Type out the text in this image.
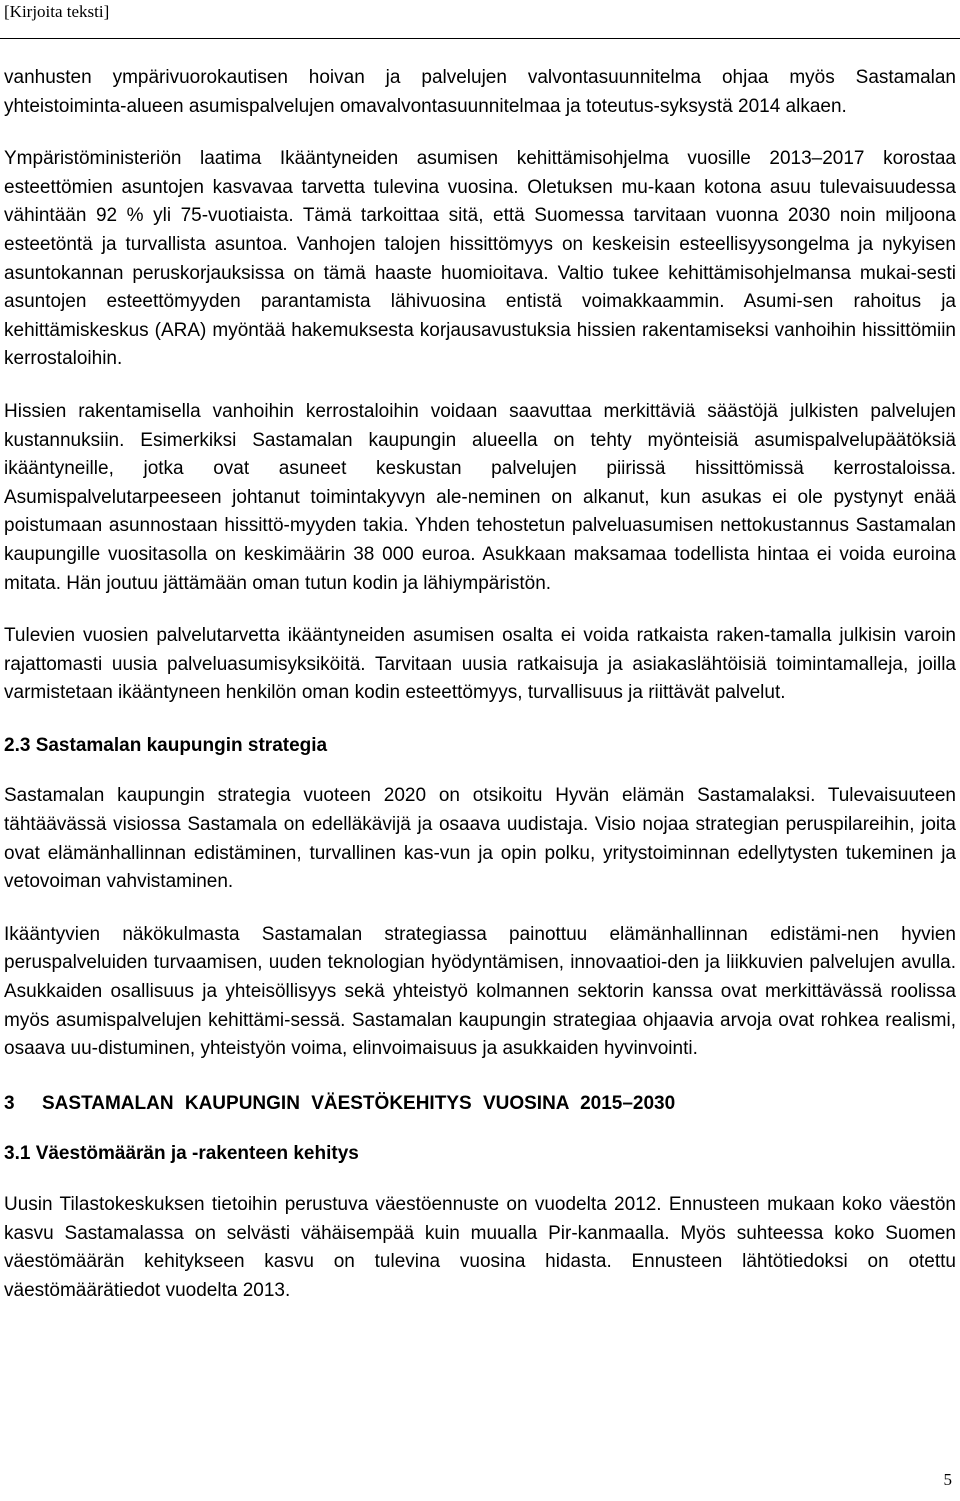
[Kirjoita teksti]

vanhusten ympärivuorokautisen hoivan ja palvelujen valvontasuunnitelma ohjaa myös Sastamalan yhteistoiminta-alueen asumispalvelujen omavalvontasuunnitelmaa ja toteutus-syksystä 2014 alkaen.

Ympäristöministeriön laatima Ikääntyneiden asumisen kehittämisohjelma vuosille 2013–2017 korostaa esteettömien asuntojen kasvavaa tarvetta tulevina vuosina. Oletuksen mu-kaan kotona asuu tulevaisuudessa vähintään 92 % yli 75-vuotiaista. Tämä tarkoittaa sitä, että Suomessa tarvitaan vuonna 2030 noin miljoona esteetöntä ja turvallista asuntoa. Vanhojen talojen hissittömyys on keskeisin esteellisyysongelma ja nykyisen asuntokannan peruskorjauksissa on tämä haaste huomioitava. Valtio tukee kehittämisohjelmansa mukai-sesti asuntojen esteettömyyden parantamista lähivuosina entistä voimakkaammin. Asumi-sen rahoitus ja kehittämiskeskus (ARA) myöntää hakemuksesta korjausavustuksia hissien rakentamiseksi vanhoihin hissittömiin kerrostaloihin.

Hissien rakentamisella vanhoihin kerrostaloihin voidaan saavuttaa merkittäviä säästöjä julkisten palvelujen kustannuksiin. Esimerkiksi Sastamalan kaupungin alueella on tehty myönteisiä asumispalvelupäätöksiä ikääntyneille, jotka ovat asuneet keskustan palvelujen piirissä hissittömissä kerrostaloissa. Asumispalvelutarpeeseen johtanut toimintakyvyn ale-neminen on alkanut, kun asukas ei ole pystynyt enää poistumaan asunnostaan hissittö-myyden takia. Yhden tehostetun palveluasumisen nettokustannus Sastamalan kaupungille vuositasolla on keskimäärin 38 000 euroa. Asukkaan maksamaa todellista hintaa ei voida euroina mitata. Hän joutuu jättämään oman tutun kodin ja lähiympäristön.

Tulevien vuosien palvelutarvetta ikääntyneiden asumisen osalta ei voida ratkaista raken-tamalla julkisin varoin rajattomasti uusia palveluasumisyksiköitä. Tarvitaan uusia ratkaisuja ja asiakaslähtöisiä toimintamalleja, joilla varmistetaan ikääntyneen henkilön oman kodin esteettömyys, turvallisuus ja riittävät palvelut.

2.3 Sastamalan kaupungin strategia

Sastamalan kaupungin strategia vuoteen 2020 on otsikoitu Hyvän elämän Sastamalaksi. Tulevaisuuteen tähtäävässä visiossa Sastamala on edelläkävijä ja osaava uudistaja. Visio nojaa strategian peruspilareihin, joita ovat elämänhallinnan edistäminen, turvallinen kas-vun ja opin polku, yritystoiminnan edellytysten tukeminen ja vetovoiman vahvistaminen.

Ikääntyvien näkökulmasta Sastamalan strategiassa painottuu elämänhallinnan edistämi-nen hyvien peruspalveluiden turvaamisen, uuden teknologian hyödyntämisen, innovaatioi-den ja liikkuvien palvelujen avulla. Asukkaiden osallisuus ja yhteisöllisyys sekä yhteistyö kolmannen sektorin kanssa ovat merkittävässä roolissa myös asumispalvelujen kehittämi-sessä. Sastamalan kaupungin strategiaa ohjaavia arvoja ovat rohkea realismi, osaava uu-distuminen, yhteistyön voima, elinvoimaisuus ja asukkaiden hyvinvointi.

3 SASTAMALAN KAUPUNGIN VÄESTÖKEHITYS VUOSINA 2015–2030
3.1 Väestömäärän ja -rakenteen kehitys

Uusin Tilastokeskuksen tietoihin perustuva väestöennuste on vuodelta 2012. Ennusteen mukaan koko väestön kasvu Sastamalassa on selvästi vähäisempää kuin muualla Pir-kanmaalla. Myös suhteessa koko Suomen väestömäärän kehitykseen kasvu on tulevina vuosina hidasta. Ennusteen lähtötiedoksi on otettu väestömäärätiedot vuodelta 2013.

5
